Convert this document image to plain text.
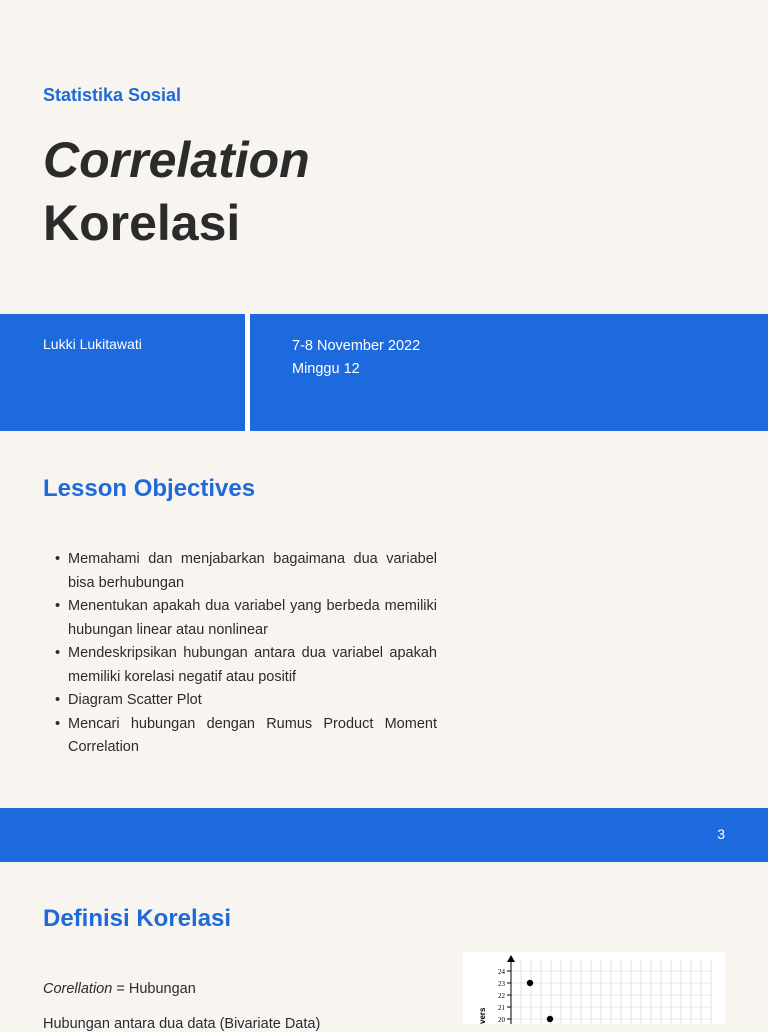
Statistika Sosial
Correlation
Korelasi
Lukki Lukitawati	7-8 November 2022
Minggu 12
Lesson Objectives
• Memahami dan menjabarkan bagaimana dua variabel bisa berhubungan
• Menentukan apakah dua variabel yang berbeda memiliki hubungan linear atau nonlinear
• Mendeskripsikan hubungan antara dua variabel apakah memiliki korelasi negatif atau positif
• Diagram Scatter Plot
• Mencari hubungan dengan Rumus Product Moment Correlation
3
Definisi Korelasi
Corellation = Hubungan
Hubungan antara dua data (Bivariate Data)
24
23
22
21
20
vers
